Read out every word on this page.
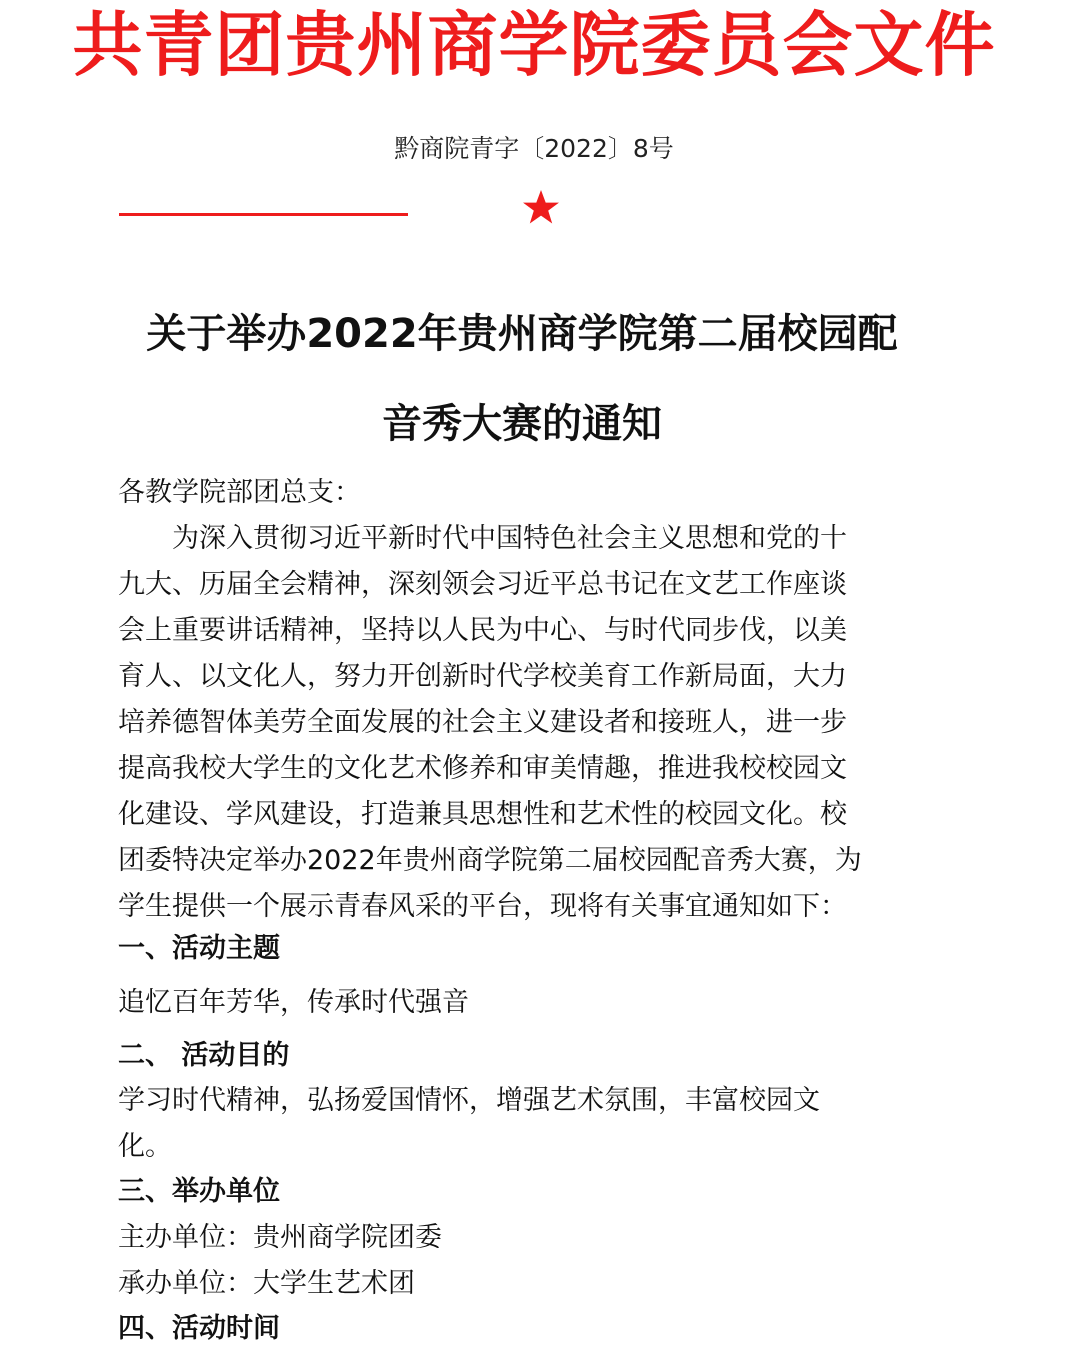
共青团贵州商学院委员会文件
黔商院青字〔2022〕8号
关于举办2022年贵州商学院第二届校园配
音秀大赛的通知
各教学院部团总支：
　　为深入贯彻习近平新时代中国特色社会主义思想和党的十
九大、历届全会精神，深刻领会习近平总书记在文艺工作座谈
会上重要讲话精神，坚持以人民为中心、与时代同步伐，以美
育人、以文化人，努力开创新时代学校美育工作新局面，大力
培养德智体美劳全面发展的社会主义建设者和接班人，进一步
提高我校大学生的文化艺术修养和审美情趣，推进我校校园文
化建设、学风建设，打造兼具思想性和艺术性的校园文化。校
团委特决定举办2022年贵州商学院第二届校园配音秀大赛，为
学生提供一个展示青春风采的平台，现将有关事宜通知如下：
一、活动主题
追忆百年芳华，传承时代强音
二、 活动目的
学习时代精神，弘扬爱国情怀，增强艺术氛围，丰富校园文
化。
三、举办单位
主办单位：贵州商学院团委
承办单位：大学生艺术团
四、活动时间
